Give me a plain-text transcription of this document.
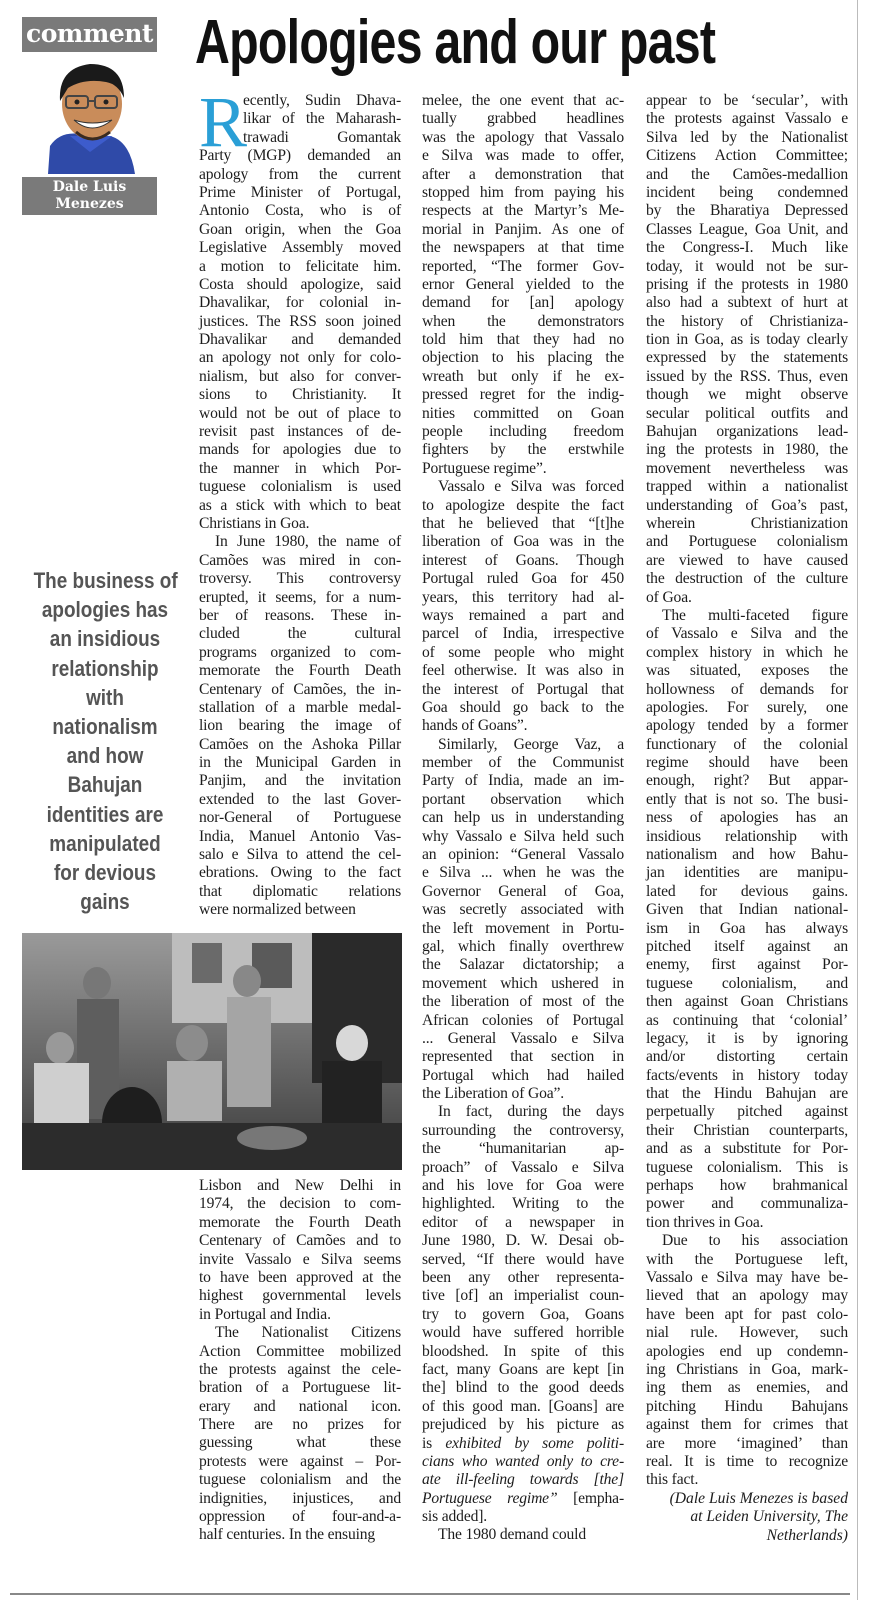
comment
Dale Luis
Menezes
Apologies and our past
The business of
apologies has
an insidious
relationship
with
nationalism
and how
Bahujan
identities are
manipulated
for devious
gains
R
ecently, Sudin Dhava-
likar of the Maharash-
trawadi Gomantak
Party (MGP) demanded an
apology from the current
Prime Minister of Portugal,
Antonio Costa, who is of
Goan origin, when the Goa
Legislative Assembly moved
a motion to felicitate him.
Costa should apologize, said
Dhavalikar, for colonial in-
justices. The RSS soon joined
Dhavalikar and demanded
an apology not only for colo-
nialism, but also for conver-
sions to Christianity. It
would not be out of place to
revisit past instances of de-
mands for apologies due to
the manner in which Por-
tuguese colonialism is used
as a stick with which to beat
Christians in Goa.
In June 1980, the name of
Camões was mired in con-
troversy. This controversy
erupted, it seems, for a num-
ber of reasons. These in-
cluded the cultural
programs organized to com-
memorate the Fourth Death
Centenary of Camões, the in-
stallation of a marble medal-
lion bearing the image of
Camões on the Ashoka Pillar
in the Municipal Garden in
Panjim, and the invitation
extended to the last Gover-
nor-General of Portuguese
India, Manuel Antonio Vas-
salo e Silva to attend the cel-
ebrations. Owing to the fact
that diplomatic relations
were normalized between
Lisbon and New Delhi in
1974, the decision to com-
memorate the Fourth Death
Centenary of Camões and to
invite Vassalo e Silva seems
to have been approved at the
highest governmental levels
in Portugal and India.
The Nationalist Citizens
Action Committee mobilized
the protests against the cele-
bration of a Portuguese lit-
erary and national icon.
There are no prizes for
guessing what these
protests were against – Por-
tuguese colonialism and the
indignities, injustices, and
oppression of four-and-a-
half centuries. In the ensuing
melee, the one event that ac-
tually grabbed headlines
was the apology that Vassalo
e Silva was made to offer,
after a demonstration that
stopped him from paying his
respects at the Martyr’s Me-
morial in Panjim. As one of
the newspapers at that time
reported, “The former Gov-
ernor General yielded to the
demand for [an] apology
when the demonstrators
told him that they had no
objection to his placing the
wreath but only if he ex-
pressed regret for the indig-
nities committed on Goan
people including freedom
fighters by the erstwhile
Portuguese regime”.
Vassalo e Silva was forced
to apologize despite the fact
that he believed that “[t]he
liberation of Goa was in the
interest of Goans. Though
Portugal ruled Goa for 450
years, this territory had al-
ways remained a part and
parcel of India, irrespective
of some people who might
feel otherwise. It was also in
the interest of Portugal that
Goa should go back to the
hands of Goans”.
Similarly, George Vaz, a
member of the Communist
Party of India, made an im-
portant observation which
can help us in understanding
why Vassalo e Silva held such
an opinion: “General Vassalo
e Silva ... when he was the
Governor General of Goa,
was secretly associated with
the left movement in Portu-
gal, which finally overthrew
the Salazar dictatorship; a
movement which ushered in
the liberation of most of the
African colonies of Portugal
... General Vassalo e Silva
represented that section in
Portugal which had hailed
the Liberation of Goa”.
In fact, during the days
surrounding the controversy,
the “humanitarian ap-
proach” of Vassalo e Silva
and his love for Goa were
highlighted. Writing to the
editor of a newspaper in
June 1980, D. W. Desai ob-
served, “If there would have
been any other representa-
tive [of] an imperialist coun-
try to govern Goa, Goans
would have suffered horrible
bloodshed. In spite of this
fact, many Goans are kept [in
the] blind to the good deeds
of this good man. [Goans] are
prejudiced by his picture as
is exhibited by some politi-
cians who wanted only to cre-
ate ill-feeling towards [the]
Portuguese regime” [empha-
sis added].
The 1980 demand could
appear to be ‘secular’, with
the protests against Vassalo e
Silva led by the Nationalist
Citizens Action Committee;
and the Camões-medallion
incident being condemned
by the Bharatiya Depressed
Classes League, Goa Unit, and
the Congress-I. Much like
today, it would not be sur-
prising if the protests in 1980
also had a subtext of hurt at
the history of Christianiza-
tion in Goa, as is today clearly
expressed by the statements
issued by the RSS. Thus, even
though we might observe
secular political outfits and
Bahujan organizations lead-
ing the protests in 1980, the
movement nevertheless was
trapped within a nationalist
understanding of Goa’s past,
wherein Christianization
and Portuguese colonialism
are viewed to have caused
the destruction of the culture
of Goa.
The multi-faceted figure
of Vassalo e Silva and the
complex history in which he
was situated, exposes the
hollowness of demands for
apologies. For surely, one
apology tended by a former
functionary of the colonial
regime should have been
enough, right? But appar-
ently that is not so. The busi-
ness of apologies has an
insidious relationship with
nationalism and how Bahu-
jan identities are manipu-
lated for devious gains.
Given that Indian national-
ism in Goa has always
pitched itself against an
enemy, first against Por-
tuguese colonialism, and
then against Goan Christians
as continuing that ‘colonial’
legacy, it is by ignoring
and/or distorting certain
facts/events in history today
that the Hindu Bahujan are
perpetually pitched against
their Christian counterparts,
and as a substitute for Por-
tuguese colonialism. This is
perhaps how brahmanical
power and communaliza-
tion thrives in Goa.
Due to his association
with the Portuguese left,
Vassalo e Silva may have be-
lieved that an apology may
have been apt for past colo-
nial rule. However, such
apologies end up condemn-
ing Christians in Goa, mark-
ing them as enemies, and
pitching Hindu Bahujans
against them for crimes that
are more ‘imagined’ than
real. It is time to recognize
this fact.
(Dale Luis Menezes is based
at Leiden University, The
Netherlands)
